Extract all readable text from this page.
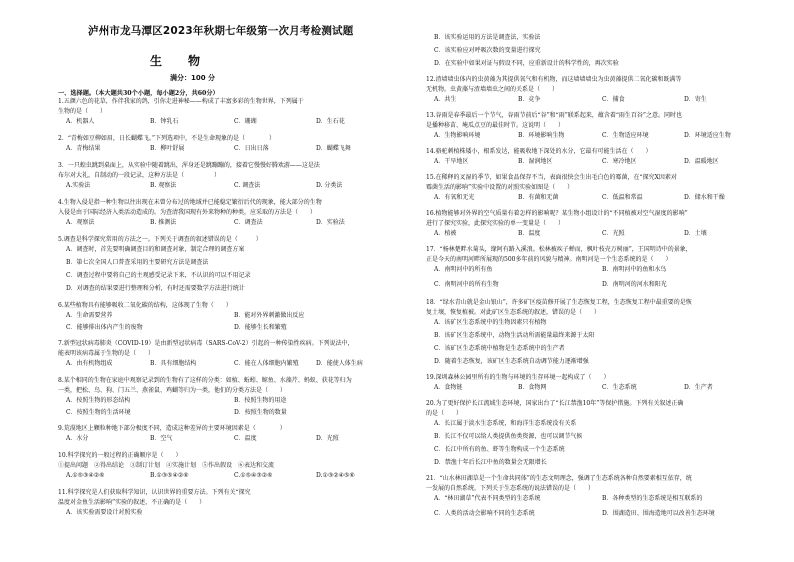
泸州市龙马潭区2023年秋期七年级第一次月考检测试题
生物
满分：100 分
一、选择题。（本大题共30个小题，每小题2分，共60分）
1.五颜六色的花草，作伴我家的鸽，引你走进神秘——构成了丰富多彩的生物世界，下列属于
生物的是（　　）
A．机器人	B．钟乳石	C．珊瑚	D．生石花
2．“青梅如豆柳如眉，日长蝴蝶飞。”下列选项中，不是生命现象的是（　　　　）
A．青梅结果	B．柳叶舒展	C．日出日落	D．蝴蝶飞舞
3．一只蝗虫跳到桌面上，从实验中随着跳出，浑身还是跳蹦蹦的，接着它慢慢好腾欢游——这是法
布尔对大礼，自制动的一段记录，这种方法是（　　　　　）
A.实验法	B. 观察法	C. 调查法	D. 分类法
4.生物入侵是指一种生物以往出现在未曾分布过的地域并已能稳定繁衍后代的现象，能大部分的生物
入侵是由于国际经济入类活动造成的。为查清我国现有外来物种的种类，应采取的方法是（　　）
A．观察法	B. 推测法	C．调查法	D．实验法
5.调查是科学探究常用的方法之一。下列关于调查的叙述错误的是（　　　）
A．调查时，首先要明确调查目的和调查对象，制定合理的调查方案
B．第七次全国人口普查采用的主要研究方法是调查法
C．调查过程中要将自己的主观感受记录下来，不认识的可以不用记录
D．对调查的结果要进行整理和分析，有时还需要数学方法进行统计
6.某些植物具有能够吸收二氧化碳的结构，这体现了生物（　　）
A．生命需要营养	B．能对外界刺激做出反应
C．能够排出体内产生的废物	D．能够生长和繁殖
7.新型冠状病毒肺炎（COVID-19）是由新型冠状病毒（SARS-CoV-2）引起的一种传染性疾病。下列说法中，
能表明该病毒属于生物的是（　　）
A．由有机物组成	B．具有细胞结构	C．能在人体细胞内繁殖	D．能使人体生病
8.某个相同的生物在家庭中观察记录到的生物有了这样的分类：如植、蚯蚓、鲸鱼、水藻芹、蚂蚁、获花等归为
一类，把松、鸟、狗、门五兰、燕雀鼠、鸡蝴等归为一类，他们的分类方法是（　　）
A．按照生物的形态结构	B．按照生物的用途
C．按照生物的生活环境	D．按照生物的数量
9.荒漠地区上颗粒种地下部分极度不同，造成这种差异的主要环境因素是（　　　　）
A．水分	B．空气	C．温度	D．光照
10.科学探究的一般过程的正确顺序是（　　）
①提出问题　②得出结论　③制订计划　④实施计划　⑤作出假设　⑥表达和交流
A.①⑤③④②⑥	B.①③⑤④②⑥	C.①⑤④③②⑥	D.①③②④⑤⑥
11.科学探究是人们获取科学知识，认识世界的重要方法。下列有关“探究
温度对金鱼生活影响”实验的叙述，不正确的是（　　）
A．该实验需要设计对照实验
B．该实验运用的方法是调查法，实验法
C．该实验应对呼吸次数的变量进行探究
D．在实验中如果对证与假设不同，应重新设计的科学性的，再次实验
12.渣墙墙虫体内的虫黄藻为其提供氧气和有机物，而这墙墙墙虫为虫黄藻提供二氧化碳和既满等
无机物。虫黄藻与渣墙墙虫之间的关系是（　　）
A．共生	B．竞争	C．捕食	D．寄生
13.谷雨是春季最后一个节气，谷雨节前后“谷”和“雨”联系起来，蕴含着“雨生百谷”之意。同时也
是播种移苗、埯瓜点豆的最佳时节。这说明（　　）
A．生物影响环境	B．环境影响生物	C．生物适应环境	D．环境适应生物
14.骆驼刺植株矮小，根系发达，能吸收地下深处的水分，它最有可能生活在（　　）
A．干旱地区	B．湿润地区	C．寒冷地区	D．温暖地区
15.在稀释的叉湿的季节，如果食品保存不当，表面很快会生出毛白色的霉菌，在“探究X因素对
霉菌生活的影响”实验中设置的对照实验如图是（　　）
A．有氧和无光	B．有菌和无菌	C．低温和常温	D．储水和干燥
16.植物能够对外界的空气质量有着怎样的影响呢？某生物小组设计的“不同植被对空气湿度的影响”
进行了探究实验，此探究实验的单一变量是（　　）
A．植被	B．温度	C．光照	D．土壤
17．“杨林楚畔水菊头，缘阿有路入溪浪。松林被疾子蝉而，枫叶枝壳万树丽”，王国明诗中的景象，
正是今天的南明河畔所展现的500多年前的风貌与精神。南明河是一个生态系统的是（　　）
A．南明河中的所有鱼	B．南明河中的鱼和水鸟
C．南明河中的所有生物	D．南明河的河水和阳光
18．“绿水青山就是金山银山”，许多矿区疫苗修开展了生态恢复工程，生态恢复工程中最重要的是恢
复土壤，恢复植被。对此矿区生态系统的叙述，错误的是（　　）
A．该矿区生态系统中的生物因素只有植物
B．该矿区生态系统中，动物生活动所需能量最终来源于太阳
C．该矿区生态系统中植物是生态系统中的生产者
D．随着生态恢复，该矿区生态系统自动调节能力逐渐增强
19.深圳森林公园里所有的生物与环境的生存环境一起构成了（　　）
A．食物链	B．食物网	C．生态系统	D．生产者
20.为了更好保护长江流域生态环境，国家出台了“长江禁渔10年”等保护措施。下列有关叙述正确
的是（　　）
A．长江属于淡水生态系统，和海洋生态系统没有关系
B．长江不仅可以给人类提供鱼类资源，也可以调节气候
C．长江中所有的鱼、虾等生物构成一个生态系统
D．禁渔十年后长江中鱼的数量会无限增长
21．“山水林田湖草是一个生命共同体”的生态文明理念，强调了生态系统各种自然要素相互依存，统
一发展的自然系统，下列关于生态系统的说法错误的是（　　）
A．“林田湖草”代表不同类型的生态系统	B．各种类型的生态系统是相互联系的
C．人类的活动会影响不同的生态系统	D．围湖造田、围海造地可以改善生态环境
